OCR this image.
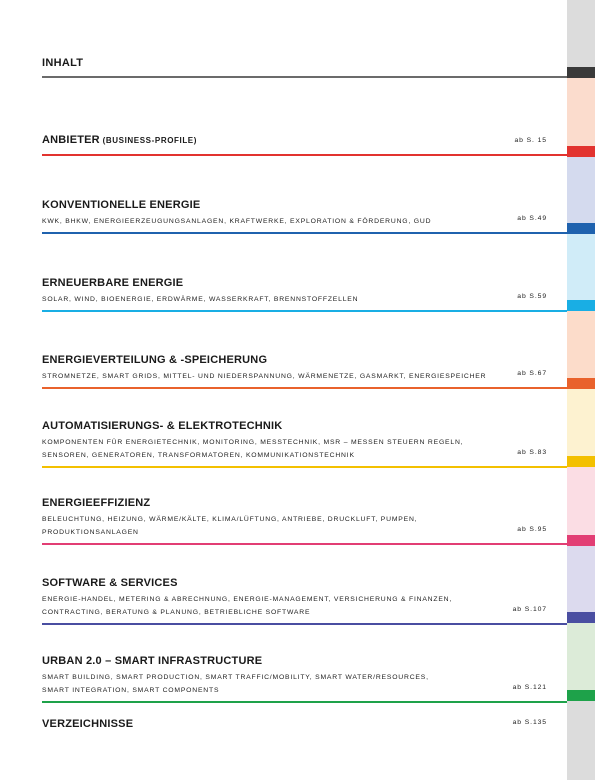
INHALT
ANBIETER (BUSINESS-PROFILE)	ab S. 15
KONVENTIONELLE ENERGIE
KWK, BHKW, ENERGIEERZEUGUNGSANLAGEN, KRAFTWERKE, EXPLORATION & FÖRDERUNG, GUD	ab S.49
ERNEUERBARE ENERGIE
SOLAR, WIND, BIOENERGIE, ERDWÄRME, WASSERKRAFT, BRENNSTOFFZELLEN	ab S.59
ENERGIEVERTEILUNG & -SPEICHERUNG
STROMNETZE, SMART GRIDS, MITTEL- UND NIEDERSPANNUNG, WÄRMENETZE, GASMARKT, ENERGIESPEICHER	ab S.67
AUTOMATISIERUNGS- & ELEKTROTECHNIK
KOMPONENTEN FÜR ENERGIETECHNIK, MONITORING, MESSTECHNIK, MSR – MESSEN STEUERN REGELN,
SENSOREN, GENERATOREN, TRANSFORMATOREN, KOMMUNIKATIONSTECHNIK	ab S.83
ENERGIEEFFIZIENZ
BELEUCHTUNG, HEIZUNG, WÄRME/KÄLTE, KLIMA/LÜFTUNG, ANTRIEBE, DRUCKLUFT, PUMPEN,
PRODUKTIONSANLAGEN	ab S.95
SOFTWARE & SERVICES
ENERGIE-HANDEL, METERING & ABRECHNUNG, ENERGIE-MANAGEMENT, VERSICHERUNG & FINANZEN,
CONTRACTING, BERATUNG & PLANUNG, BETRIEBLICHE SOFTWARE	ab S.107
URBAN 2.0 – SMART INFRASTRUCTURE
SMART BUILDING, SMART PRODUCTION, SMART TRAFFIC/MOBILITY, SMART WATER/RESOURCES,
SMART INTEGRATION, SMART COMPONENTS	ab S.121
VERZEICHNISSE	ab S.135
